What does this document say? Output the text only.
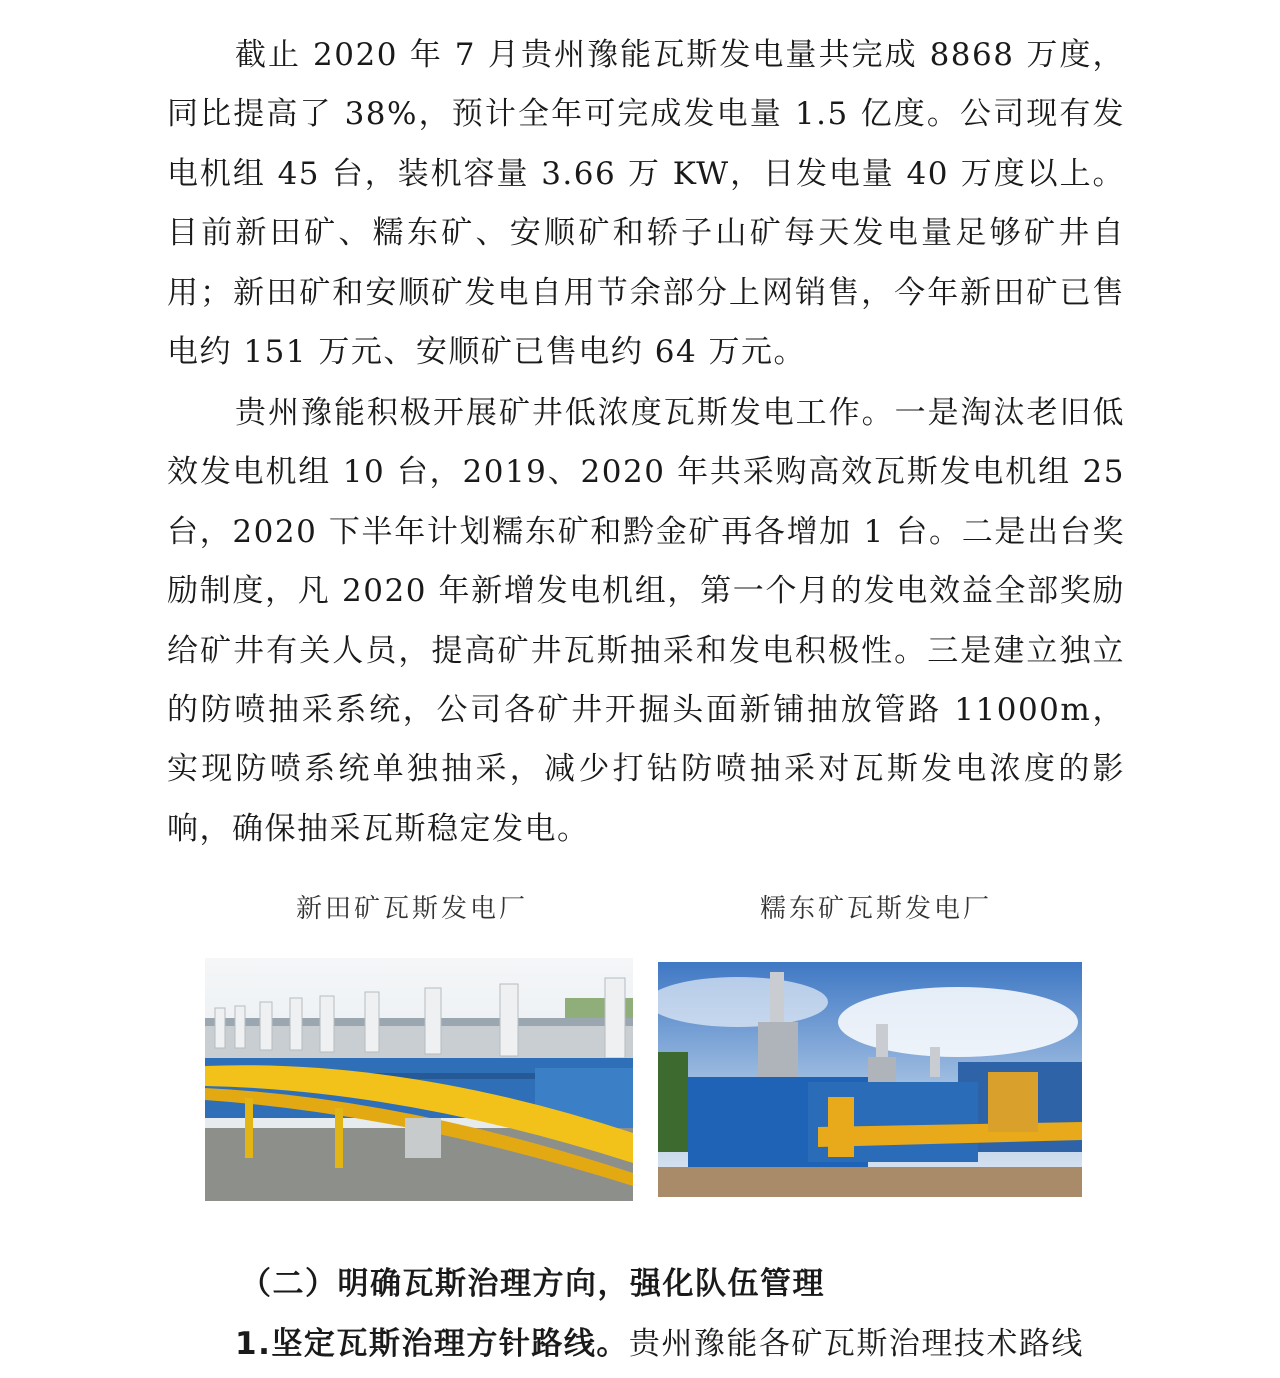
截止 2020 年 7 月贵州豫能瓦斯发电量共完成 8868 万度，同比提高了 38%，预计全年可完成发电量 1.5 亿度。公司现有发电机组 45 台，装机容量 3.66 万 KW，日发电量 40 万度以上。目前新田矿、糯东矿、安顺矿和轿子山矿每天发电量足够矿井自用；新田矿和安顺矿发电自用节余部分上网销售，今年新田矿已售电约 151 万元、安顺矿已售电约 64 万元。

贵州豫能积极开展矿井低浓度瓦斯发电工作。一是淘汰老旧低效发电机组 10 台，2019、2020 年共采购高效瓦斯发电机组 25 台，2020 下半年计划糯东矿和黔金矿再各增加 1 台。二是出台奖励制度，凡 2020 年新增发电机组，第一个月的发电效益全部奖励给矿井有关人员，提高矿井瓦斯抽采和发电积极性。三是建立独立的防喷抽采系统，公司各矿井开掘头面新铺抽放管路 11000m，实现防喷系统单独抽采，减少打钻防喷抽采对瓦斯发电浓度的影响，确保抽采瓦斯稳定发电。

新田矿瓦斯发电厂	糯东矿瓦斯发电厂
（二）明确瓦斯治理方向，强化队伍管理

1.坚定瓦斯治理方针路线。贵州豫能各矿瓦斯治理技术路线
